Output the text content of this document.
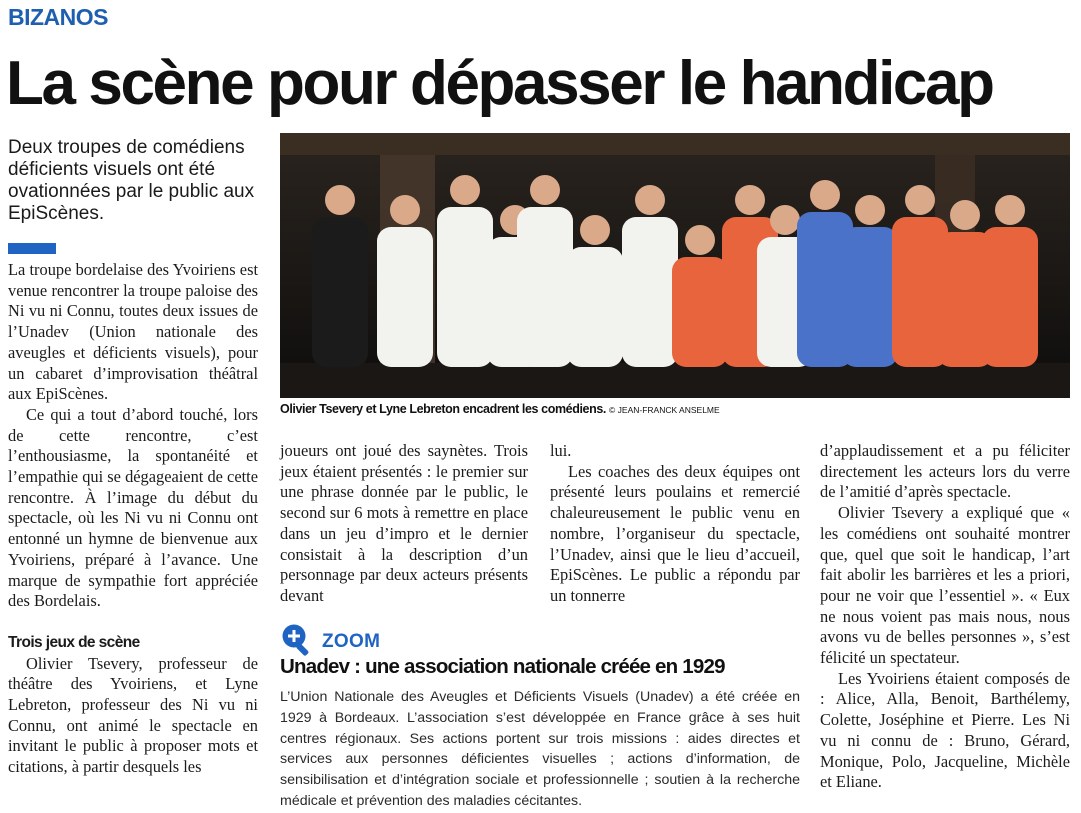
BIZANOS
La scène pour dépasser le handicap
Deux troupes de comédiens déficients visuels ont été ovationnées par le public aux EpiScènes.

La troupe bordelaise des Yvoiriens est venue rencontrer la troupe paloise des Ni vu ni Connu, toutes deux issues de l’Unadev (Union nationale des aveugles et déficients visuels), pour un cabaret d’improvisation théâtral aux EpiScènes.

Ce qui a tout d’abord touché, lors de cette rencontre, c’est l’enthousiasme, la spontanéité et l’empathie qui se dégageaient de cette rencontre. À l’image du début du spectacle, où les Ni vu ni Connu ont entonné un hymne de bienvenue aux Yvoiriens, préparé à l’avance. Une marque de sympathie fort appréciée des Bordelais.

Trois jeux de scène

Olivier Tsevery, professeur de théâtre des Yvoiriens, et Lyne Lebreton, professeur des Ni vu ni Connu, ont animé le spectacle en invitant le public à proposer mots et citations, à partir desquels les

Olivier Tsevery et Lyne Lebreton encadrent les comédiens. © JEAN-FRANCK ANSELME

joueurs ont joué des saynètes. Trois jeux étaient présentés : le premier sur une phrase donnée par le public, le second sur 6 mots à remettre en place dans un jeu d’impro et le dernier consistait à la description d’un personnage par deux acteurs présents devant

lui.

Les coaches des deux équipes ont présenté leurs poulains et remercié chaleureusement le public venu en nombre, l’organiseur du spectacle, l’Unadev, ainsi que le lieu d’accueil, EpiScènes. Le public a répondu par un tonnerre

ZOOM
Unadev : une association nationale créée en 1929
L’Union Nationale des Aveugles et Déficients Visuels (Unadev) a été créée en 1929 à Bordeaux. L’association s’est développée en France grâce à ses huit centres régionaux. Ses actions portent sur trois missions : aides directes et services aux personnes déficientes visuelles ; actions d’information, de sensibilisation et d’intégration sociale et professionnelle ; soutien à la recherche médicale et prévention des maladies cécitantes.

d’applaudissement et a pu féliciter directement les acteurs lors du verre de l’amitié d’après spectacle.

Olivier Tsevery a expliqué que « les comédiens ont souhaité montrer que, quel que soit le handicap, l’art fait abolir les barrières et les a priori, pour ne voir que l’essentiel ». « Eux ne nous voient pas mais nous, nous avons vu de belles personnes », s’est félicité un spectateur.

Les Yvoiriens étaient composés de : Alice, Alla, Benoit, Barthélemy, Colette, Joséphine et Pierre. Les Ni vu ni connu de : Bruno, Gérard, Monique, Polo, Jacqueline, Michèle et Eliane.
